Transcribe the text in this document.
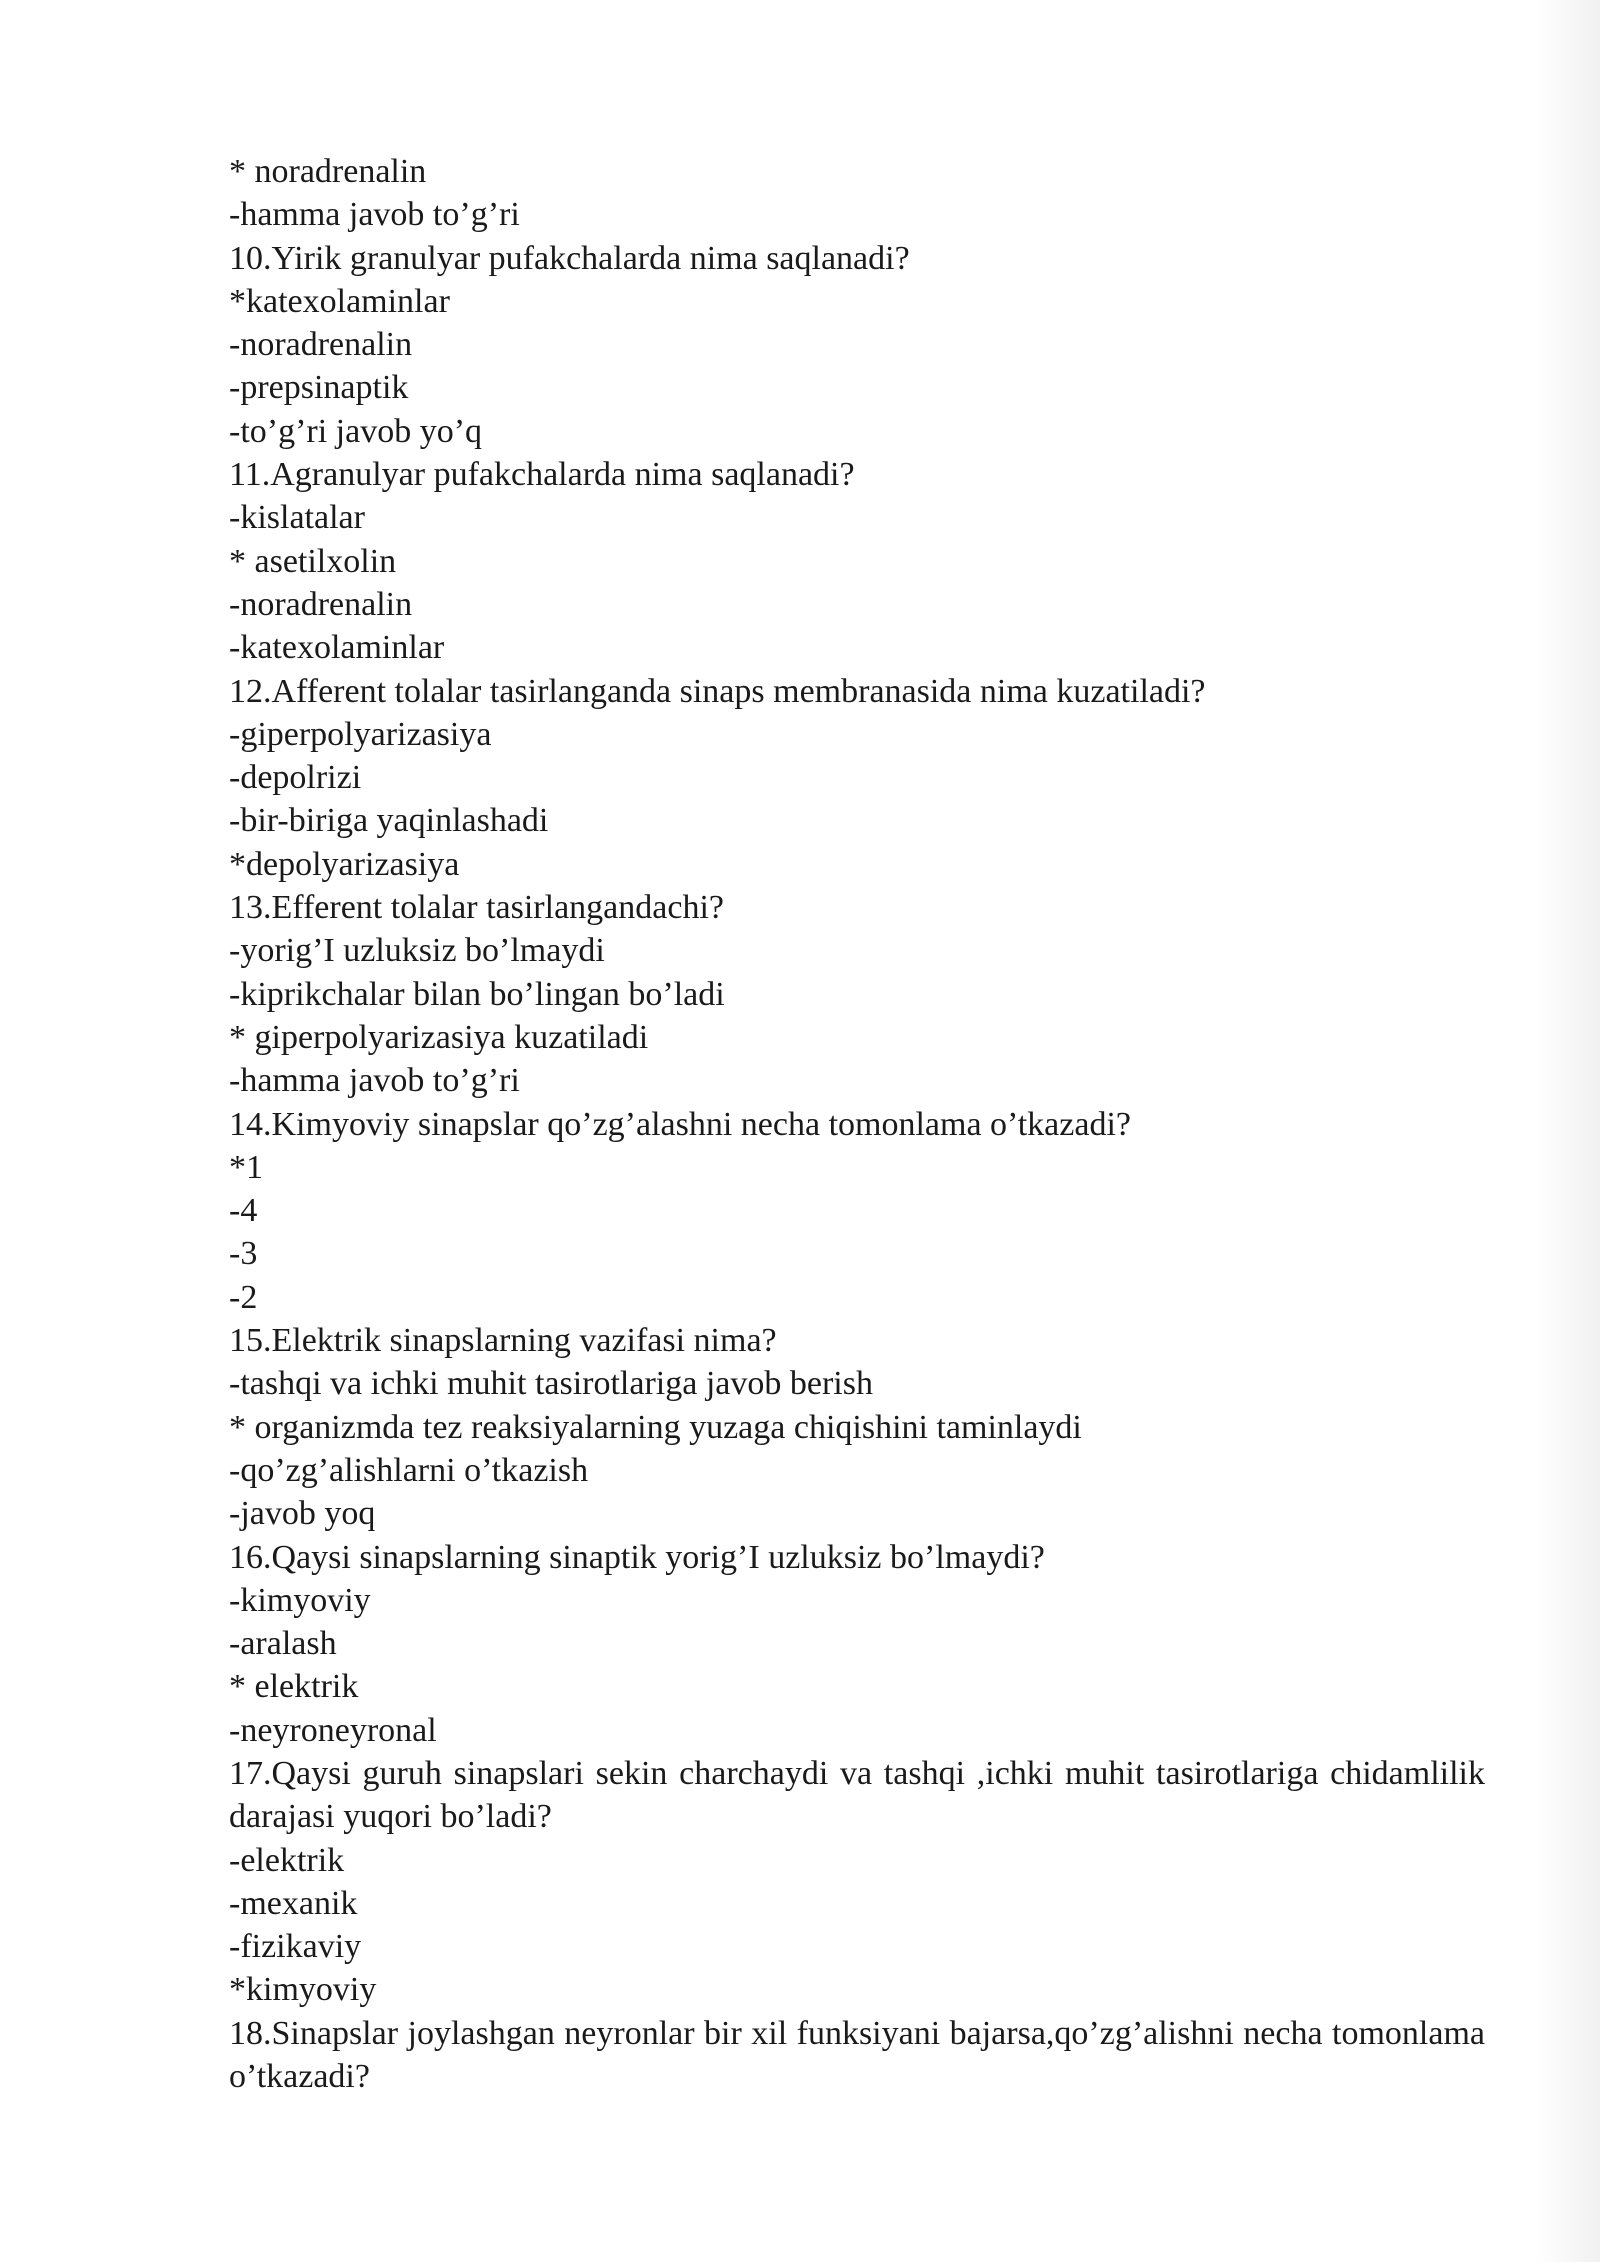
* noradrenalin
-hamma javob to’g’ri
10.Yirik granulyar pufakchalarda nima saqlanadi?
*katexolaminlar
-noradrenalin
-prepsinaptik
-to’g’ri javob yo’q
11.Agranulyar pufakchalarda nima saqlanadi?
-kislatalar
* asetilxolin
-noradrenalin
-katexolaminlar
12.Afferent tolalar tasirlanganda sinaps membranasida nima kuzatiladi?
-giperpolyarizasiya
-depolrizi
-bir-biriga yaqinlashadi
*depolyarizasiya
13.Efferent tolalar tasirlangandachi?
-yorig’I uzluksiz bo’lmaydi
-kiprikchalar bilan bo’lingan bo’ladi
* giperpolyarizasiya kuzatiladi
-hamma javob to’g’ri
14.Kimyoviy sinapslar qo’zg’alashni necha tomonlama o’tkazadi?
*1
-4
-3
-2
15.Elektrik sinapslarning vazifasi nima?
-tashqi va ichki muhit tasirotlariga javob berish
* organizmda tez reaksiyalarning yuzaga chiqishini taminlaydi
-qo’zg’alishlarni o’tkazish
-javob yoq
16.Qaysi sinapslarning sinaptik yorig’I uzluksiz bo’lmaydi?
-kimyoviy
-aralash
* elektrik
-neyroneyronal
17.Qaysi guruh sinapslari sekin charchaydi va tashqi ,ichki muhit tasirotlariga chidamlilik darajasi yuqori bo’ladi?
-elektrik
-mexanik
-fizikaviy
*kimyoviy
18.Sinapslar joylashgan neyronlar bir xil funksiyani bajarsa,qo’zg’alishni necha tomonlama o’tkazadi?
